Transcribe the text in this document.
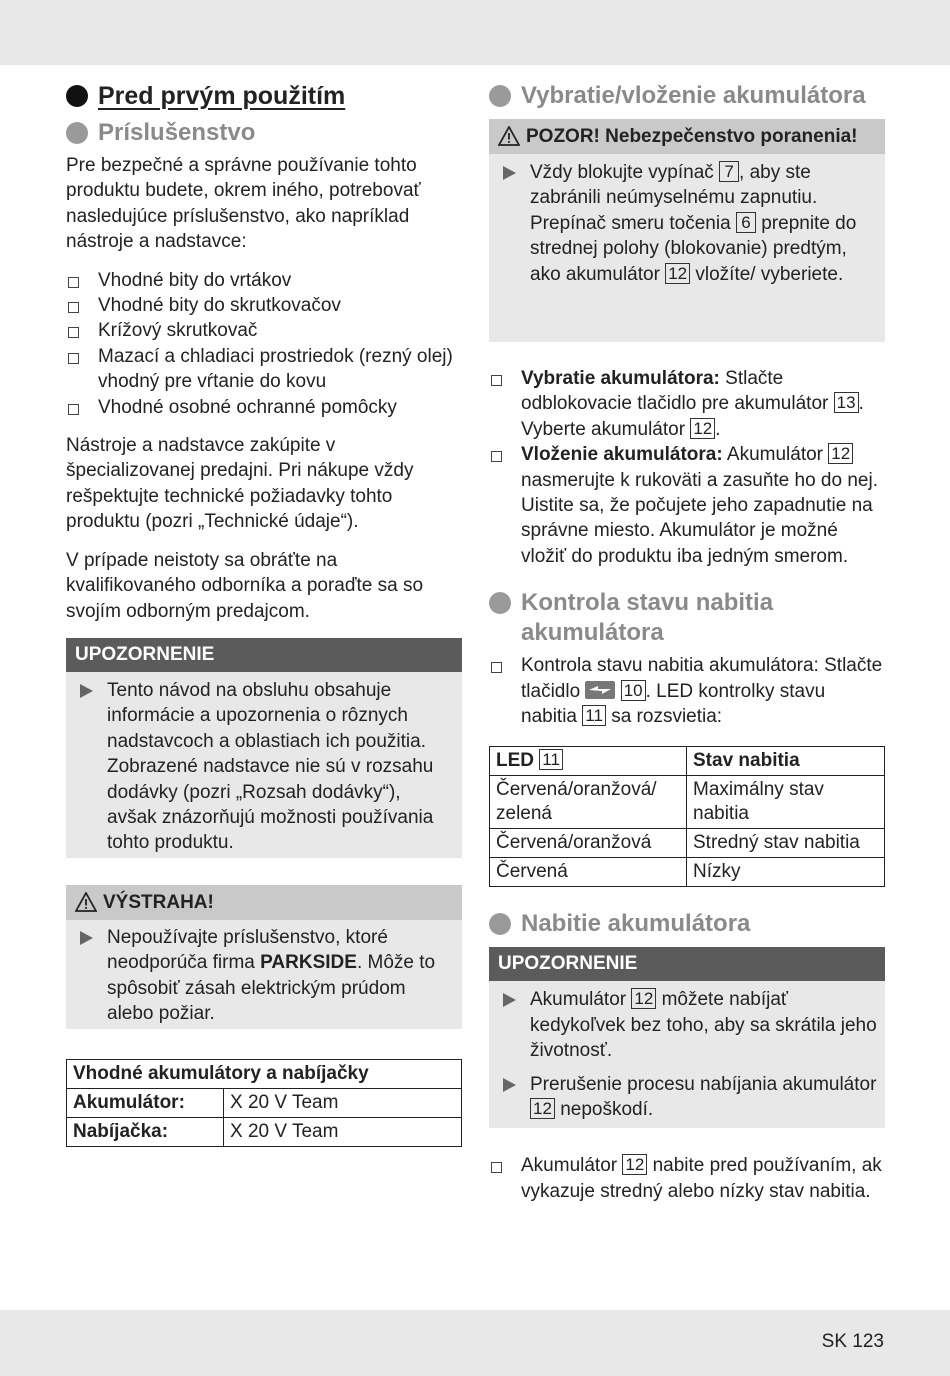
Pred prvým použitím
Príslušenstvo

Pre bezpečné a správne používanie tohto produktu budete, okrem iného, potrebovať nasledujúce príslušenstvo, ako napríklad nástroje a nadstavce:

Vhodné bity do vrtákov
Vhodné bity do skrutkovačov
Krížový skrutkovač
Mazací a chladiaci prostriedok (rezný olej) vhodný pre vŕtanie do kovu
Vhodné osobné ochranné pomôcky

Nástroje a nadstavce zakúpite v špecializovanej predajni. Pri nákupe vždy rešpektujte technické požiadavky tohto produktu (pozri „Technické údaje“).

V prípade neistoty sa obráťte na kvalifikovaného odborníka a poraďte sa so svojím odborným predajcom.

UPOZORNENIE
Tento návod na obsluhu obsahuje informácie a upozornenia o rôznych nadstavcoch a oblastiach ich použitia. Zobrazené nadstavce nie sú v rozsahu dodávky (pozri „Rozsah dodávky“), avšak znázorňujú možnosti používania tohto produktu.
VÝSTRAHA!
Nepoužívajte príslušenstvo, ktoré neodporúča firma PARKSIDE. Môže to spôsobiť zásah elektrickým prúdom alebo požiar.
Vhodné akumulátory a nabíjačky	
Akumulátor:	X 20 V Team
Nabíjačka:	X 20 V Team
Vybratie/vloženie akumulátora
POZOR! Nebezpečenstvo poranenia!
Vždy blokujte vypínač 7 , aby ste zabránili neúmyselnému zapnutiu. Prepínač smeru točenia 6 prepnite do strednej polohy (blokovanie) predtým, ako akumulátor 12 vložíte/ vyberiete.
Vybratie akumulátora: Stlačte odblokovacie tlačidlo pre akumulátor 13 . Vyberte akumulátor 12 .
Vloženie akumulátora: Akumulátor 12 nasmerujte k rukoväti a zasuňte ho do nej. Uistite sa, že počujete jeho zapadnutie na správne miesto. Akumulátor je možné vložiť do produktu iba jedným smerom.
Kontrola stavu nabitia akumulátora
Kontrola stavu nabitia akumulátora: Stlačte tlačidlo
10 . LED kontrolky stavu nabitia 11 sa rozsvietia:
LED 11	Stav nabitia
Červená/oranžová/ zelená	Maximálny stav nabitia
Červená/oranžová	Stredný stav nabitia
Červená	Nízky
Nabitie akumulátora
UPOZORNENIE
Akumulátor 12 môžete nabíjať kedykoľvek bez toho, aby sa skrátila jeho životnosť.
Prerušenie procesu nabíjania akumulátor 12 nepoškodí.
Akumulátor 12 nabite pred používaním, ak vykazuje stredný alebo nízky stav nabitia.
SK 123
